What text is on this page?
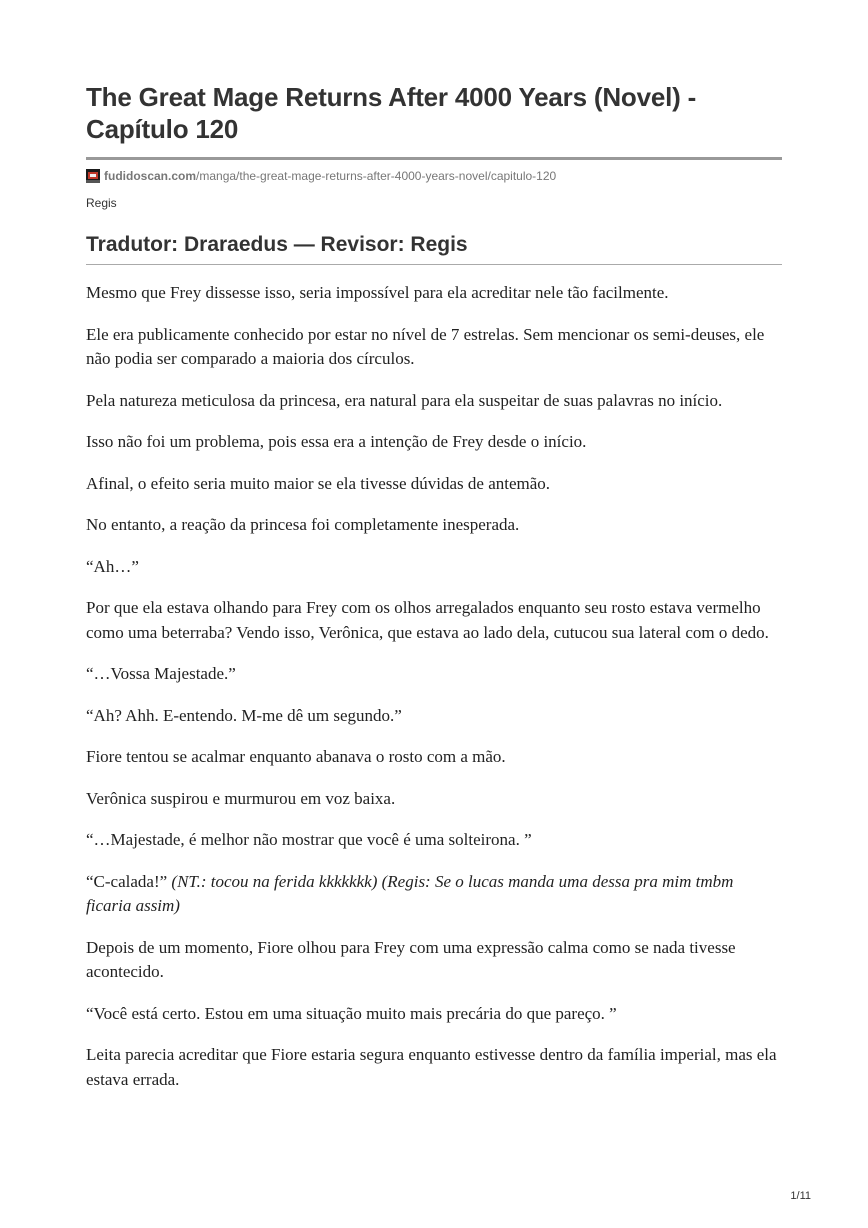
The Great Mage Returns After 4000 Years (Novel) - Capítulo 120
fudidoscan.com /manga/the-great-mage-returns-after-4000-years-novel/capitulo-120
Regis
Tradutor: Draraedus — Revisor: Regis

Mesmo que Frey dissesse isso, seria impossível para ela acreditar nele tão facilmente.

Ele era publicamente conhecido por estar no nível de 7 estrelas. Sem mencionar os semi-deuses, ele não podia ser comparado a maioria dos círculos.

Pela natureza meticulosa da princesa, era natural para ela suspeitar de suas palavras no início.

Isso não foi um problema, pois essa era a intenção de Frey desde o início.

Afinal, o efeito seria muito maior se ela tivesse dúvidas de antemão.

No entanto, a reação da princesa foi completamente inesperada.

“Ah…”

Por que ela estava olhando para Frey com os olhos arregalados enquanto seu rosto estava vermelho como uma beterraba? Vendo isso, Verônica, que estava ao lado dela, cutucou sua lateral com o dedo.

“…Vossa Majestade.”

“Ah? Ahh. E-entendo. M-me dê um segundo.”

Fiore tentou se acalmar enquanto abanava o rosto com a mão.

Verônica suspirou e murmurou em voz baixa.

“…Majestade, é melhor não mostrar que você é uma solteirona. ”

“C-calada!” (NT.: tocou na ferida kkkkkkk) (Regis: Se o lucas manda uma dessa pra mim tmbm ficaria assim)

Depois de um momento, Fiore olhou para Frey com uma expressão calma como se nada tivesse acontecido.

“Você está certo. Estou em uma situação muito mais precária do que pareço. ”

Leita parecia acreditar que Fiore estaria segura enquanto estivesse dentro da família imperial, mas ela estava errada.

1/11
